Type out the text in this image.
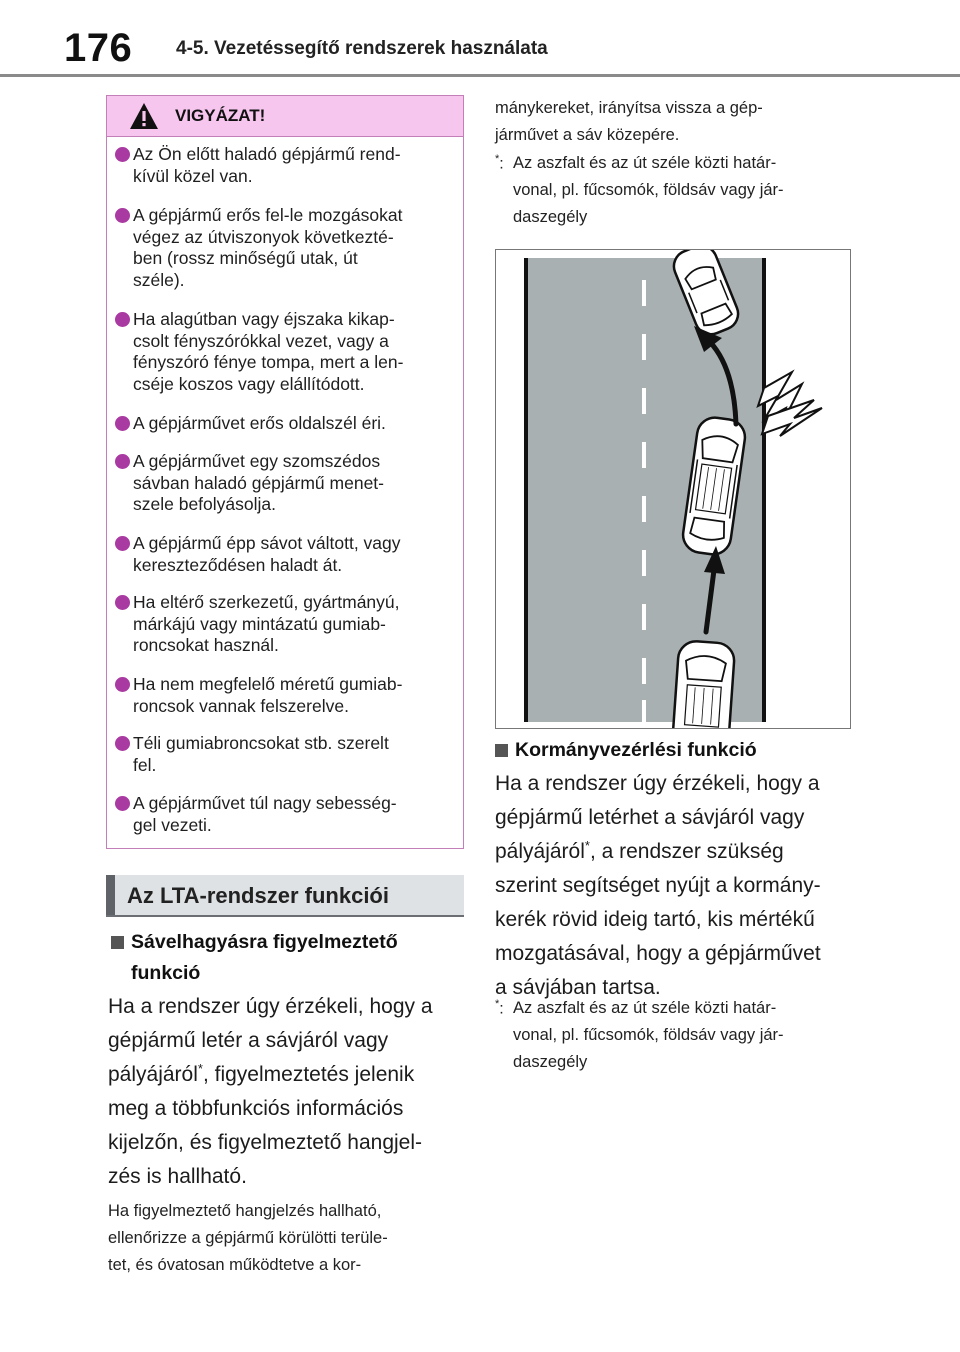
176 4-5. Vezetéssegítő rendszerek használata
VIGYÁZAT!
Az Ön előtt haladó gépjármű rend-
kívül közel van.
A gépjármű erős fel-le mozgásokat
végez az útviszonyok következté-
ben (rossz minőségű utak, út
széle).
Ha alagútban vagy éjszaka kikap-
csolt fényszórókkal vezet, vagy a
fényszóró fénye tompa, mert a len-
cséje koszos vagy elállítódott.
A gépjárművet erős oldalszél éri.
A gépjárművet egy szomszédos
sávban haladó gépjármű menet-
szele befolyásolja.
A gépjármű épp sávot váltott, vagy
kereszteződésen haladt át.
Ha eltérő szerkezetű, gyártmányú,
márkájú vagy mintázatú gumiab-
roncsokat használ.
Ha nem megfelelő méretű gumiab-
roncsok vannak felszerelve.
Téli gumiabroncsokat stb. szerelt
fel.
A gépjárművet túl nagy sebesség-
gel vezeti.
Az LTA-rendszer funkciói
Sávelhagyásra figyelmeztető
funkció
Ha a rendszer úgy érzékeli, hogy a
gépjármű letér a sávjáról vagy
pályájáról*, figyelmeztetés jelenik
meg a többfunkciós információs
kijelzőn, és figyelmeztető hangjel-
zés is hallható.
Ha figyelmeztető hangjelzés hallható,
ellenőrizze a gépjármű körülötti terüle-
tet, és óvatosan működtetve a kor-
mánykereket, irányítsa vissza a gép-
járművet a sáv közepére.
*: Az aszfalt és az út széle közti határ-
vonal, pl. fűcsomók, földsáv vagy jár-
daszegély
Kormányvezérlési funkció
Ha a rendszer úgy érzékeli, hogy a
gépjármű letérhet a sávjáról vagy
pályájáról*, a rendszer szükség
szerint segítséget nyújt a kormány-
kerék rövid ideig tartó, kis mértékű
mozgatásával, hogy a gépjárművet
a sávjában tartsa.
*: Az aszfalt és az út széle közti határ-
vonal, pl. fűcsomók, földsáv vagy jár-
daszegély
